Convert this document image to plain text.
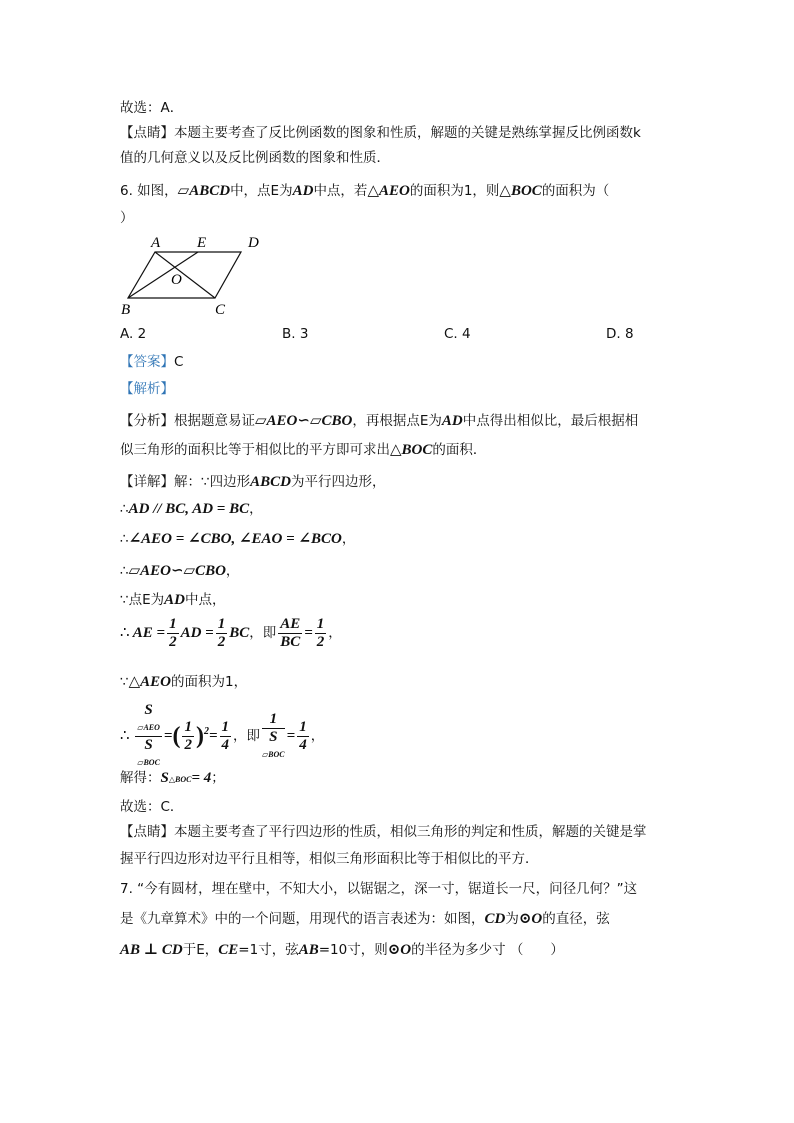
故选：A．
【点睛】本题主要考查了反比例函数的图象和性质，解题的关键是熟练掌握反比例函数k
值的几何意义以及反比例函数的图象和性质．
6. 如图，▱ABCD中，点E为AD中点，若△AEO的面积为1，则△BOC的面积为（
）
A E	D
O
B	C
A. 2	B. 3	C. 4	D. 8
【答案】C
【解析】
【分析】根据题意易证▱AEO∽▱CBO，再根据点E为AD中点得出相似比，最后根据相
似三角形的面积比等于相似比的平方即可求出△BOC的面积．
【详解】解：∵四边形ABCD为平行四边形，
∴AD // BC, AD = BC，
∴∠AEO = ∠CBO, ∠EAO = ∠BCO，
∴▱AEO∽▱CBO，
∵点E为AD中点，
∴ AE = $\frac{1}{2}$ AD = $\frac{1}{2}$ BC，即 $\frac{AE}{BC} = \frac{1}{2}$ ，
∵△AEO的面积为1，
∴ S
▱AEO
S
▱BOC =( $\frac{1}{2} )^2= \frac{1}{4}$ ，即 1
S
▱BOC = $\frac{1}{4}$ ，
解得：S△BOC= 4；
故选：C．
【点睛】本题主要考查了平行四边形的性质，相似三角形的判定和性质，解题的关键是掌
握平行四边形对边平行且相等，相似三角形面积比等于相似比的平方．
7. “今有圆材，埋在壁中，不知大小，以锯锯之，深一寸，锯道长一尺，问径几何？”这
是《九章算术》中的一个问题，用现代的语言表述为：如图，CD为⊙O的直径，弦
AB ⊥ CD于E，CE=1寸，弦AB=10寸，则⊙O的半径为多少寸 （　　）
